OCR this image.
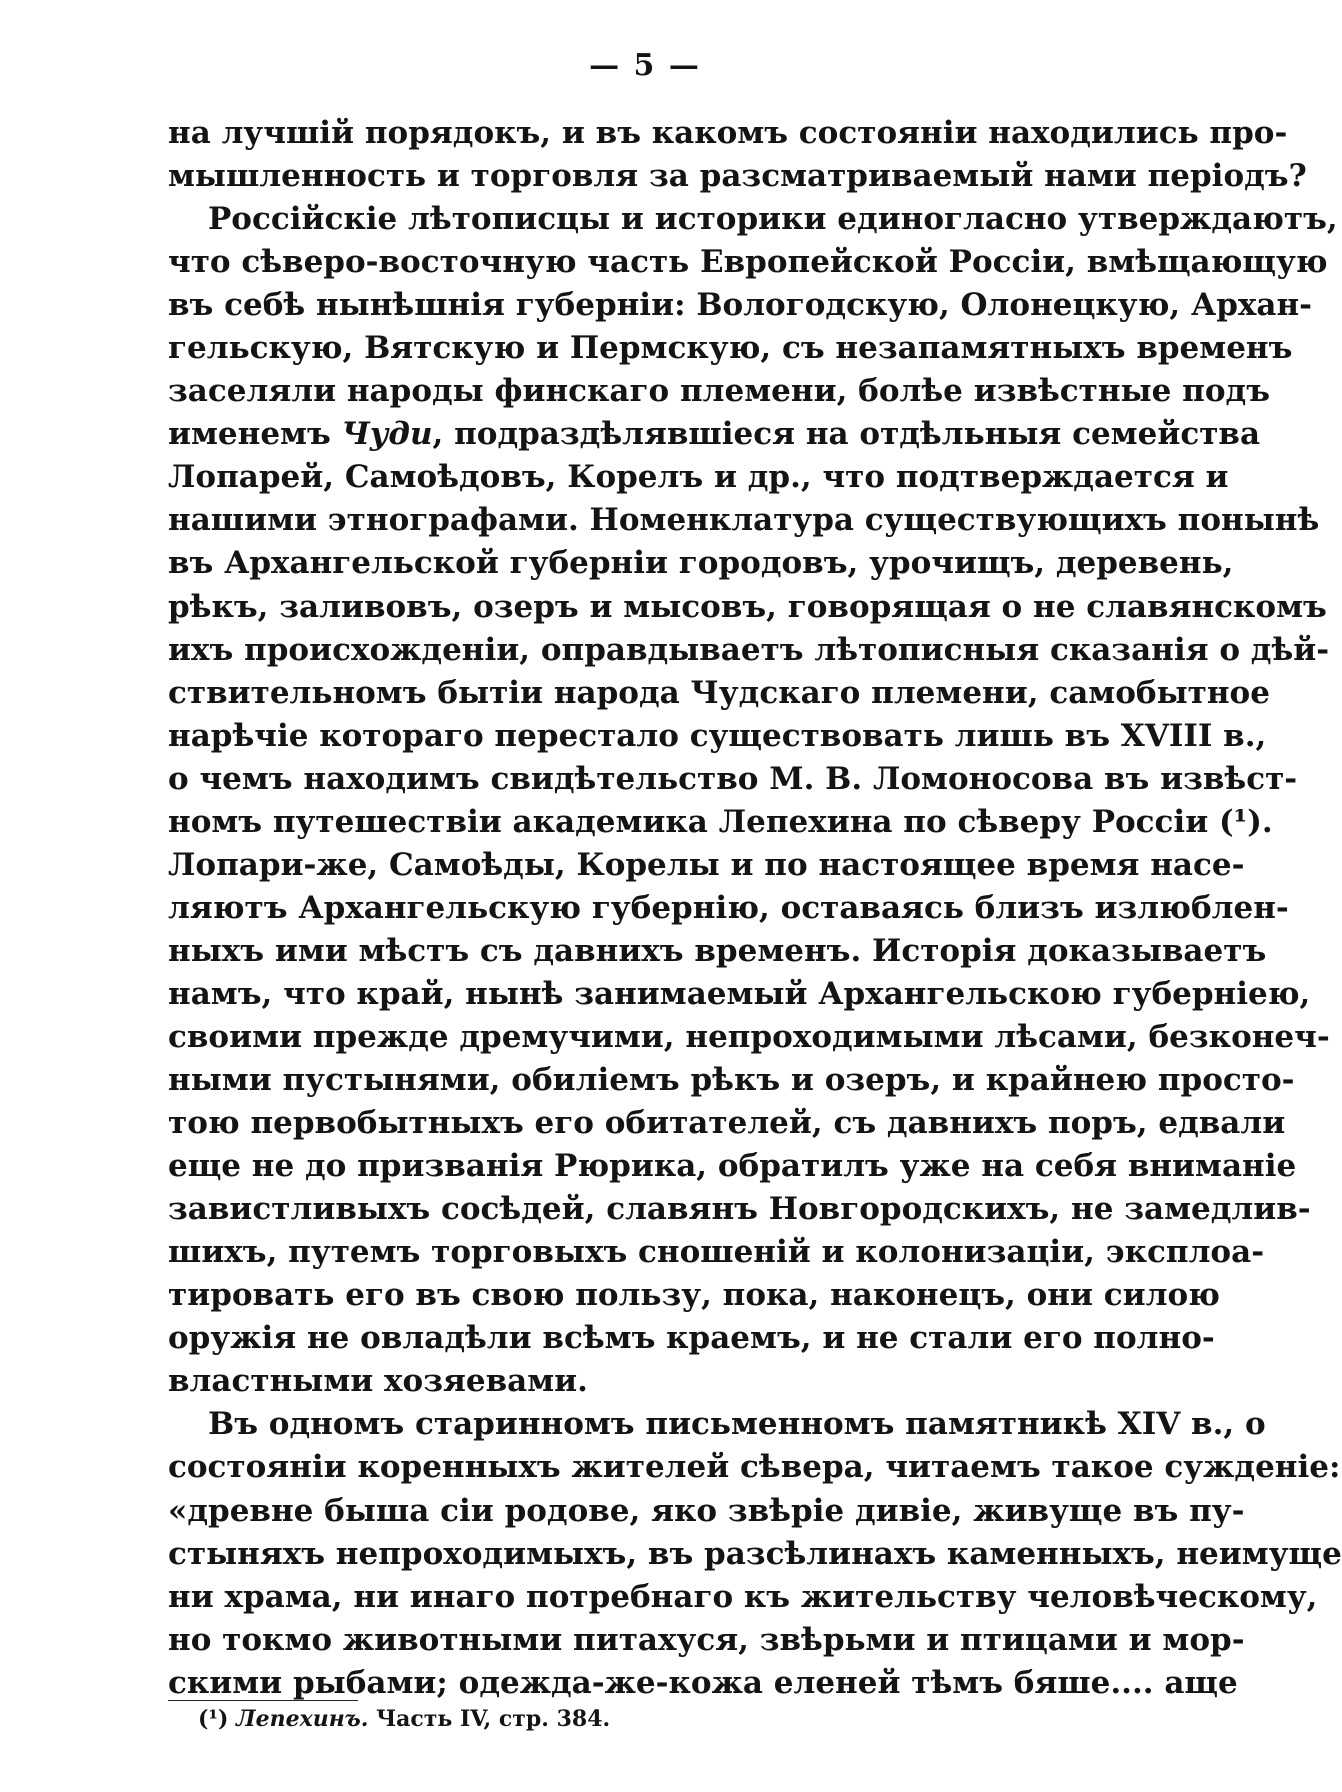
— 5 —
на лучшій порядокъ, и въ какомъ состояніи находились про-
мышленность и торговля за разсматриваемый нами періодъ?
Россійскіе лѣтописцы и историки единогласно утверждаютъ,
что сѣверо-восточную часть Европейской Россіи, вмѣщающую
въ себѣ нынѣшнія губерніи: Вологодскую, Олонецкую, Архан-
гельскую, Вятскую и Пермскую, съ незапамятныхъ временъ
заселяли народы финскаго племени, болѣе извѣстные подъ
именемъ Чуди, подраздѣлявшіеся на отдѣльныя семейства
Лопарей, Самоѣдовъ, Корелъ и др., что подтверждается и
нашими этнографами. Номенклатура существующихъ понынѣ
въ Архангельской губерніи городовъ, урочищъ, деревень,
рѣкъ, заливовъ, озеръ и мысовъ, говорящая о не славянскомъ
ихъ происхожденіи, оправдываетъ лѣтописныя сказанія о дѣй-
ствительномъ бытіи народа Чудскаго племени, самобытное
нарѣчіе котораго перестало существовать лишь въ XVIII в.,
о чемъ находимъ свидѣтельство М. В. Ломоносова въ извѣст-
номъ путешествіи академика Лепехина по сѣверу Россіи (¹).
Лопари-же, Самоѣды, Корелы и по настоящее время насе-
ляютъ Архангельскую губернію, оставаясь близъ излюблен-
ныхъ ими мѣстъ съ давнихъ временъ. Исторія доказываетъ
намъ, что край, нынѣ занимаемый Архангельскою губерніею,
своими прежде дремучими, непроходимыми лѣсами, безконеч-
ными пустынями, обиліемъ рѣкъ и озеръ, и крайнею просто-
тою первобытныхъ его обитателей, съ давнихъ поръ, едвали
еще не до призванія Рюрика, обратилъ уже на себя вниманіе
завистливыхъ сосѣдей, славянъ Новгородскихъ, не замедлив-
шихъ, путемъ торговыхъ сношеній и колонизаціи, эксплоа-
тировать его въ свою пользу, пока, наконецъ, они силою
оружія не овладѣли всѣмъ краемъ, и не стали его полно-
властными хозяевами.
Въ одномъ старинномъ письменномъ памятникѣ XIV в., о
состояніи коренныхъ жителей сѣвера, читаемъ такое сужденіе:
«древне быша сіи родове, яко звѣріе дивіе, живуще въ пу-
стыняхъ непроходимыхъ, въ разсѣлинахъ каменныхъ, неимуще
ни храма, ни инаго потребнаго къ жительству человѣческому,
но токмо животными питахуся, звѣрьми и птицами и мор-
скими рыбами; одежда-же-кожа еленей тѣмъ бяше.... аще
(¹) Лепехинъ. Часть IV, стр. 384.
